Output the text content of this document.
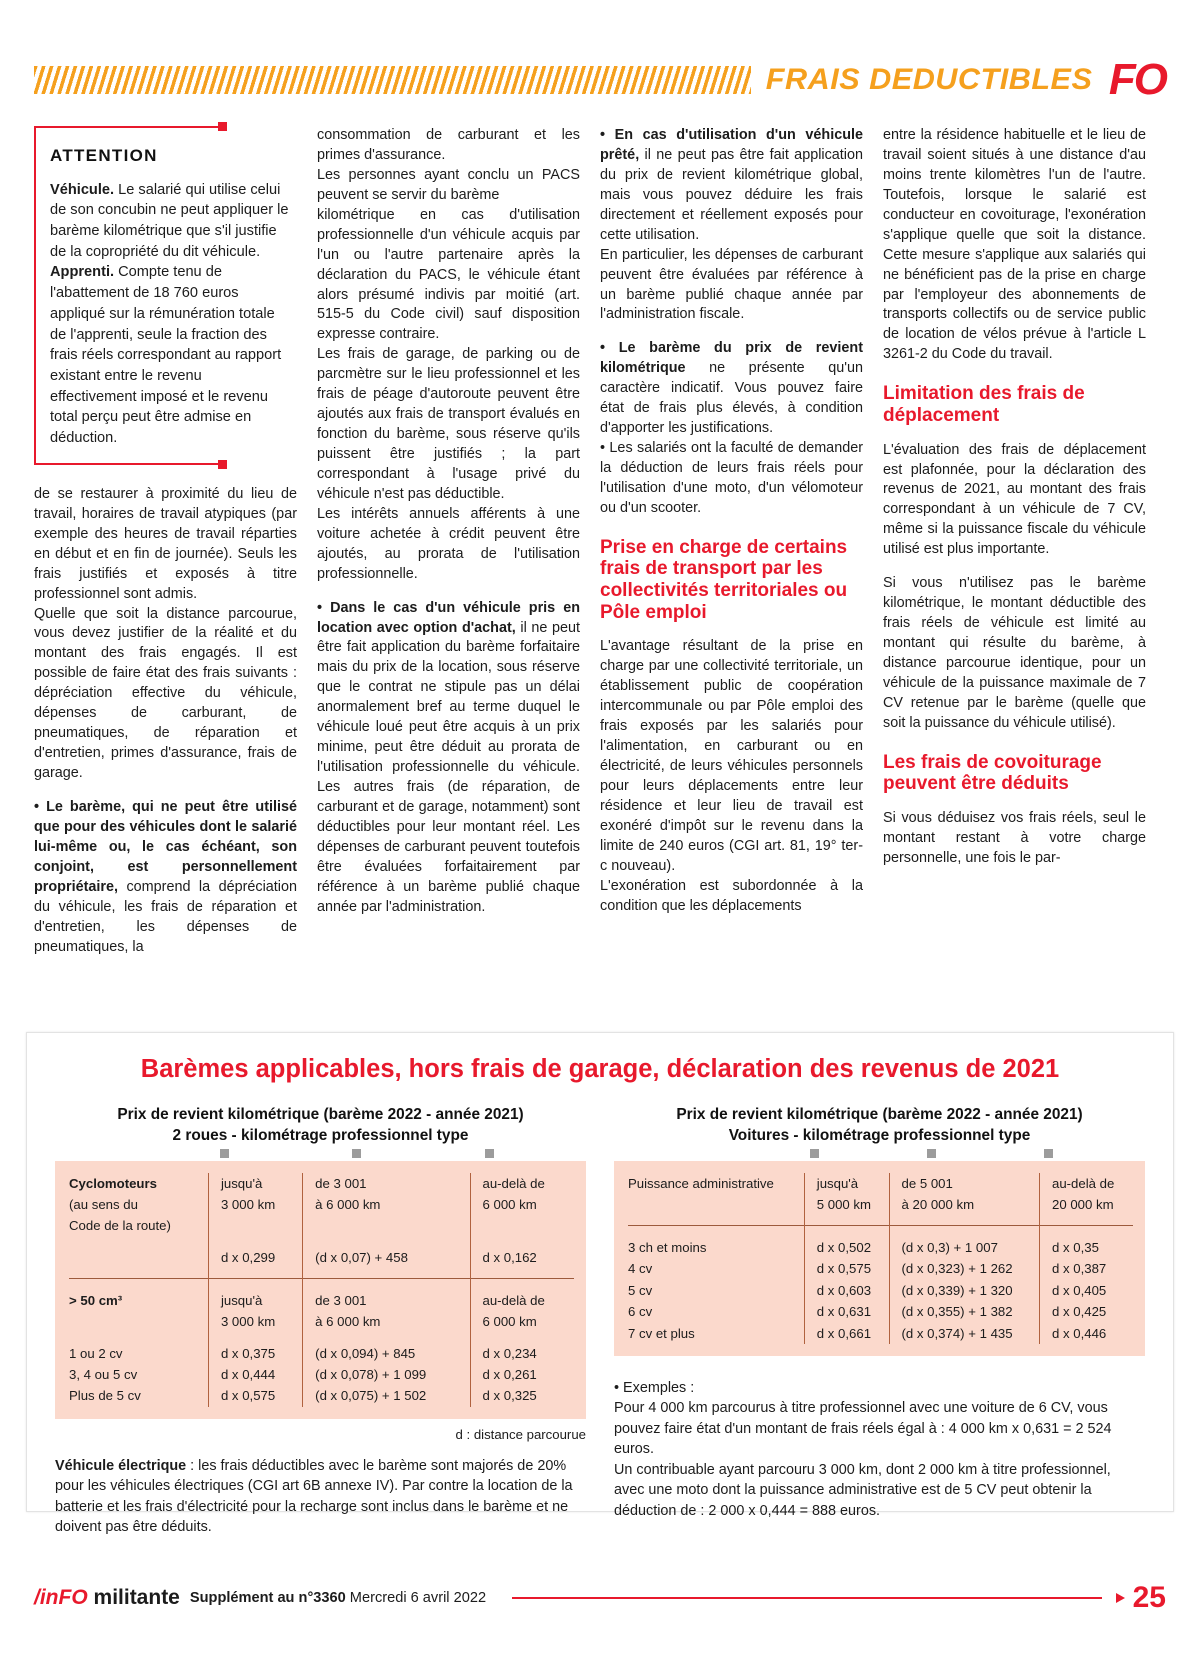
FRAIS DEDUCTIBLES FO
ATTENTION
Véhicule. Le salarié qui utilise celui de son concubin ne peut appliquer le barème kilométrique que s'il justifie de la copropriété du dit véhicule. Apprenti. Compte tenu de l'abattement de 18 760 euros appliqué sur la rémunération totale de l'apprenti, seule la fraction des frais réels correspondant au rapport existant entre le revenu effectivement imposé et le revenu total perçu peut être admise en déduction.

de se restaurer à proximité du lieu de travail, horaires de travail atypiques (par exemple des heures de travail réparties en début et en fin de journée). Seuls les frais justifiés et exposés à titre professionnel sont admis.

Quelle que soit la distance parcourue, vous devez justifier de la réalité et du montant des frais engagés. Il est possible de faire état des frais suivants : dépréciation effective du véhicule, dépenses de carburant, de pneumatiques, de réparation et d'entretien, primes d'assurance, frais de garage.

• Le barème, qui ne peut être utilisé que pour des véhicules dont le salarié lui-même ou, le cas échéant, son conjoint, est personnellement propriétaire, comprend la dépréciation du véhicule, les frais de réparation et d'entretien, les dépenses de pneumatiques, la

consommation de carburant et les primes d'assurance.

Les personnes ayant conclu un PACS peuvent se servir du barème

kilométrique en cas d'utilisation professionnelle d'un véhicule acquis par l'un ou l'autre partenaire après la déclaration du PACS, le véhicule étant alors présumé indivis par moitié (art. 515-5 du Code civil) sauf disposition expresse contraire.

Les frais de garage, de parking ou de parcmètre sur le lieu professionnel et les frais de péage d'autoroute peuvent être ajoutés aux frais de transport évalués en fonction du barème, sous réserve qu'ils puissent être justifiés ; la part correspondant à l'usage privé du véhicule n'est pas déductible.

Les intérêts annuels afférents à une voiture achetée à crédit peuvent être ajoutés, au prorata de l'utilisation professionnelle.

• Dans le cas d'un véhicule pris en location avec option d'achat, il ne peut être fait application du barème forfaitaire mais du prix de la location, sous réserve que le contrat ne stipule pas un délai anormalement bref au terme duquel le véhicule loué peut être acquis à un prix minime, peut être déduit au prorata de l'utilisation professionnelle du véhicule. Les autres frais (de réparation, de carburant et de garage, notamment) sont déductibles pour leur montant réel. Les dépenses de carburant peuvent toutefois être évaluées forfaitairement par référence à un barème publié chaque année par l'administration.

• En cas d'utilisation d'un véhicule prêté, il ne peut pas être fait application du prix de revient kilométrique global, mais vous pouvez déduire les frais directement et réellement exposés pour cette utilisation.

En particulier, les dépenses de carburant peuvent être évaluées par référence à un barème publié chaque année par l'administration fiscale.

• Le barème du prix de revient kilométrique ne présente qu'un caractère indicatif. Vous pouvez faire état de frais plus élevés, à condition d'apporter les justifications.

• Les salariés ont la faculté de demander la déduction de leurs frais réels pour l'utilisation d'une moto, d'un vélomoteur ou d'un scooter.

Prise en charge de certains frais de transport par les collectivités territoriales ou Pôle emploi

L'avantage résultant de la prise en charge par une collectivité territoriale, un établissement public de coopération intercommunale ou par Pôle emploi des frais exposés par les salariés pour l'alimentation, en carburant ou en électricité, de leurs véhicules personnels pour leurs déplacements entre leur résidence et leur lieu de travail est exonéré d'impôt sur le revenu dans la limite de 240 euros (CGI art. 81, 19° ter-c nouveau).

L'exonération est subordonnée à la condition que les déplacements

entre la résidence habituelle et le lieu de travail soient situés à une distance d'au moins trente kilomètres l'un de l'autre. Toutefois, lorsque le salarié est conducteur en covoiturage, l'exonération s'applique quelle que soit la distance. Cette mesure s'applique aux salariés qui ne bénéficient pas de la prise en charge par l'employeur des abonnements de transports collectifs ou de service public de location de vélos prévue à l'article L 3261-2 du Code du travail.

Limitation des frais de déplacement

L'évaluation des frais de déplacement est plafonnée, pour la déclaration des revenus de 2021, au montant des frais correspondant à un véhicule de 7 CV, même si la puissance fiscale du véhicule utilisé est plus importante.

Si vous n'utilisez pas le barème kilométrique, le montant déductible des frais réels de véhicule est limité au montant qui résulte du barème, à distance parcourue identique, pour un véhicule de la puissance maximale de 7 CV retenue par le barème (quelle que soit la puissance du véhicule utilisé).

Les frais de covoiturage peuvent être déduits

Si vous déduisez vos frais réels, seul le montant restant à votre charge personnelle, une fois le par-

Barèmes applicables, hors frais de garage, déclaration des revenus de 2021
Prix de revient kilométrique (barème 2022 - année 2021)
2 roues - kilométrage professionnel type
Cyclomoteurs	jusqu'à	de 3 001	au-delà de
(au sens du	3 000 km	à 6 000 km	6 000 km
Code de la route)			

	d x 0,299	(d x 0,07) + 458	d x 0,162

> 50 cm³	jusqu'à	de 3 001	au-delà de
	3 000 km	à 6 000 km	6 000 km

1 ou 2 cv	d x 0,375	(d x 0,094) + 845	d x 0,234
3, 4 ou 5 cv	d x 0,444	(d x 0,078) + 1 099	d x 0,261
Plus de 5 cv	d x 0,575	(d x 0,075) + 1 502	d x 0,325
d : distance parcourue
Véhicule électrique : les frais déductibles avec le barème sont majorés de 20% pour les véhicules électriques (CGI art 6B annexe IV). Par contre la location de la batterie et les frais d'électricité pour la recharge sont inclus dans le barème et ne doivent pas être déduits.
Prix de revient kilométrique (barème 2022 - année 2021)
Voitures - kilométrage professionnel type
Puissance administrative	jusqu'à	de 5 001	au-delà de
	5 000 km	à 20 000 km	20 000 km

3 ch et moins	d x 0,502	(d x 0,3) + 1 007	d x 0,35
4 cv	d x 0,575	(d x 0,323) + 1 262	d x 0,387
5 cv	d x 0,603	(d x 0,339) + 1 320	d x 0,405
6 cv	d x 0,631	(d x 0,355) + 1 382	d x 0,425
7 cv et plus	d x 0,661	(d x 0,374) + 1 435	d x 0,446
• Exemples :
Pour 4 000 km parcourus à titre professionnel avec une voiture de 6 CV, vous pouvez faire état d'un montant de frais réels égal à : 4 000 km x 0,631 = 2 524 euros.
Un contribuable ayant parcouru 3 000 km, dont 2 000 km à titre professionnel, avec une moto dont la puissance administrative est de 5 CV peut obtenir la déduction de : 2 000 x 0,444 = 888 euros.
/inFO militante Supplément au n°3360 Mercredi 6 avril 2022	25
